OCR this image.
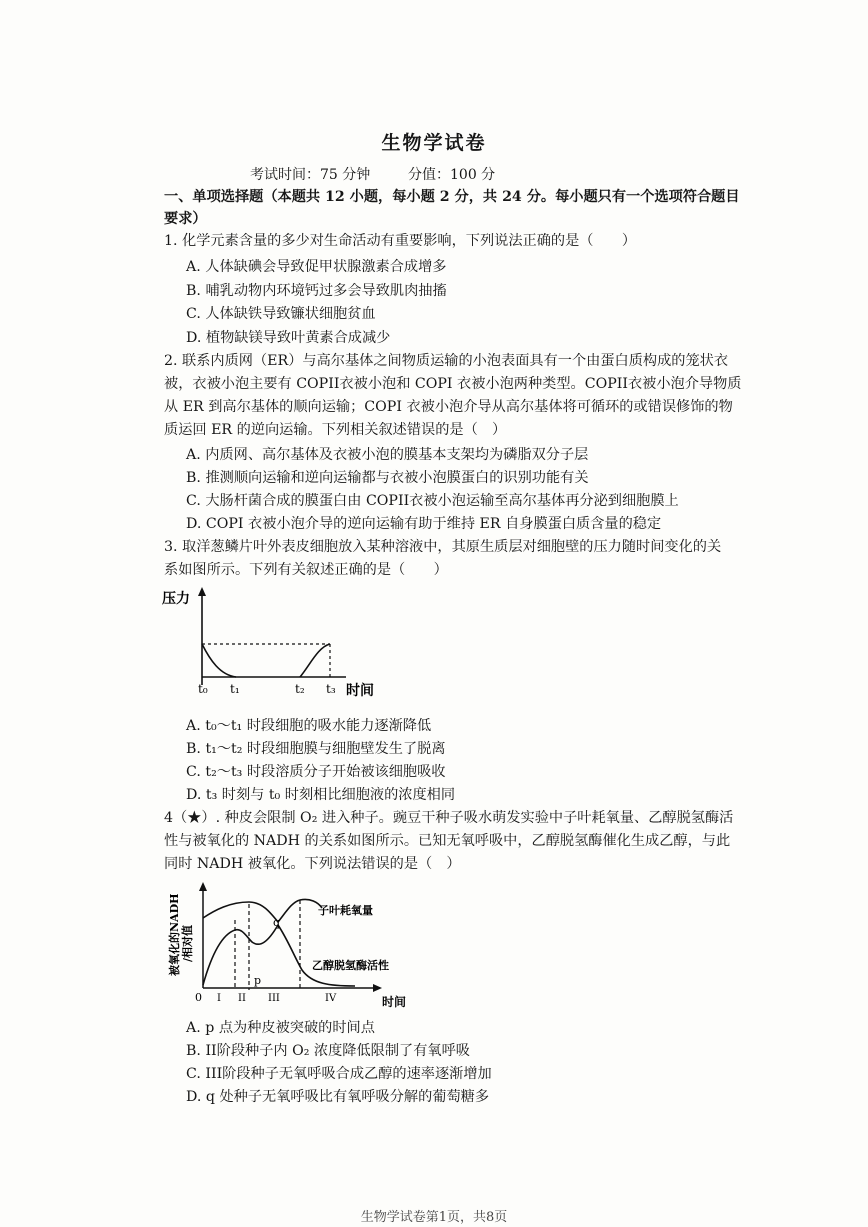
生物学试卷
考试时间：75 分钟	分值：100 分
一、单项选择题（本题共 12 小题，每小题 2 分，共 24 分。每小题只有一个选项符合题目
要求）
1. 化学元素含量的多少对生命活动有重要影响，下列说法正确的是（　　）
A. 人体缺碘会导致促甲状腺激素合成增多
B. 哺乳动物内环境钙过多会导致肌肉抽搐
C. 人体缺铁导致镰状细胞贫血
D. 植物缺镁导致叶黄素合成减少
2. 联系内质网（ER）与高尔基体之间物质运输的小泡表面具有一个由蛋白质构成的笼状衣
被，衣被小泡主要有 COPII衣被小泡和 COPI 衣被小泡两种类型。COPII衣被小泡介导物质
从 ER 到高尔基体的顺向运输；COPI 衣被小泡介导从高尔基体将可循环的或错误修饰的物
质运回 ER 的逆向运输。下列相关叙述错误的是（　）
A. 内质网、高尔基体及衣被小泡的膜基本支架均为磷脂双分子层
B. 推测顺向运输和逆向运输都与衣被小泡膜蛋白的识别功能有关
C. 大肠杆菌合成的膜蛋白由 COPII衣被小泡运输至高尔基体再分泌到细胞膜上
D. COPI 衣被小泡介导的逆向运输有助于维持 ER 自身膜蛋白质含量的稳定
3. 取洋葱鳞片叶外表皮细胞放入某种溶液中，其原生质层对细胞壁的压力随时间变化的关
系如图所示。下列有关叙述正确的是（　　）
压力
t₀ t₁	t₂ t₃ 时间
A. t₀～t₁ 时段细胞的吸水能力逐渐降低
B. t₁～t₂ 时段细胞膜与细胞壁发生了脱离
C. t₂～t₃ 时段溶质分子开始被该细胞吸收
D. t₃ 时刻与 t₀ 时刻相比细胞液的浓度相同
4（★）. 种皮会限制 O₂ 进入种子。豌豆干种子吸水萌发实验中子叶耗氧量、乙醇脱氢酶活
性与被氧化的 NADH 的关系如图所示。已知无氧呼吸中，乙醇脱氢酶催化生成乙醇，与此
同时 NADH 被氧化。下列说法错误的是（　）
被氧化的NADH /相对值
子叶耗氧量
乙醇脱氢酶活性
q
p
0 I II III	IV	时间
A. p 点为种皮被突破的时间点
B. II阶段种子内 O₂ 浓度降低限制了有氧呼吸
C. III阶段种子无氧呼吸合成乙醇的速率逐渐增加
D. q 处种子无氧呼吸比有氧呼吸分解的葡萄糖多
生物学试卷第1页，共8页
